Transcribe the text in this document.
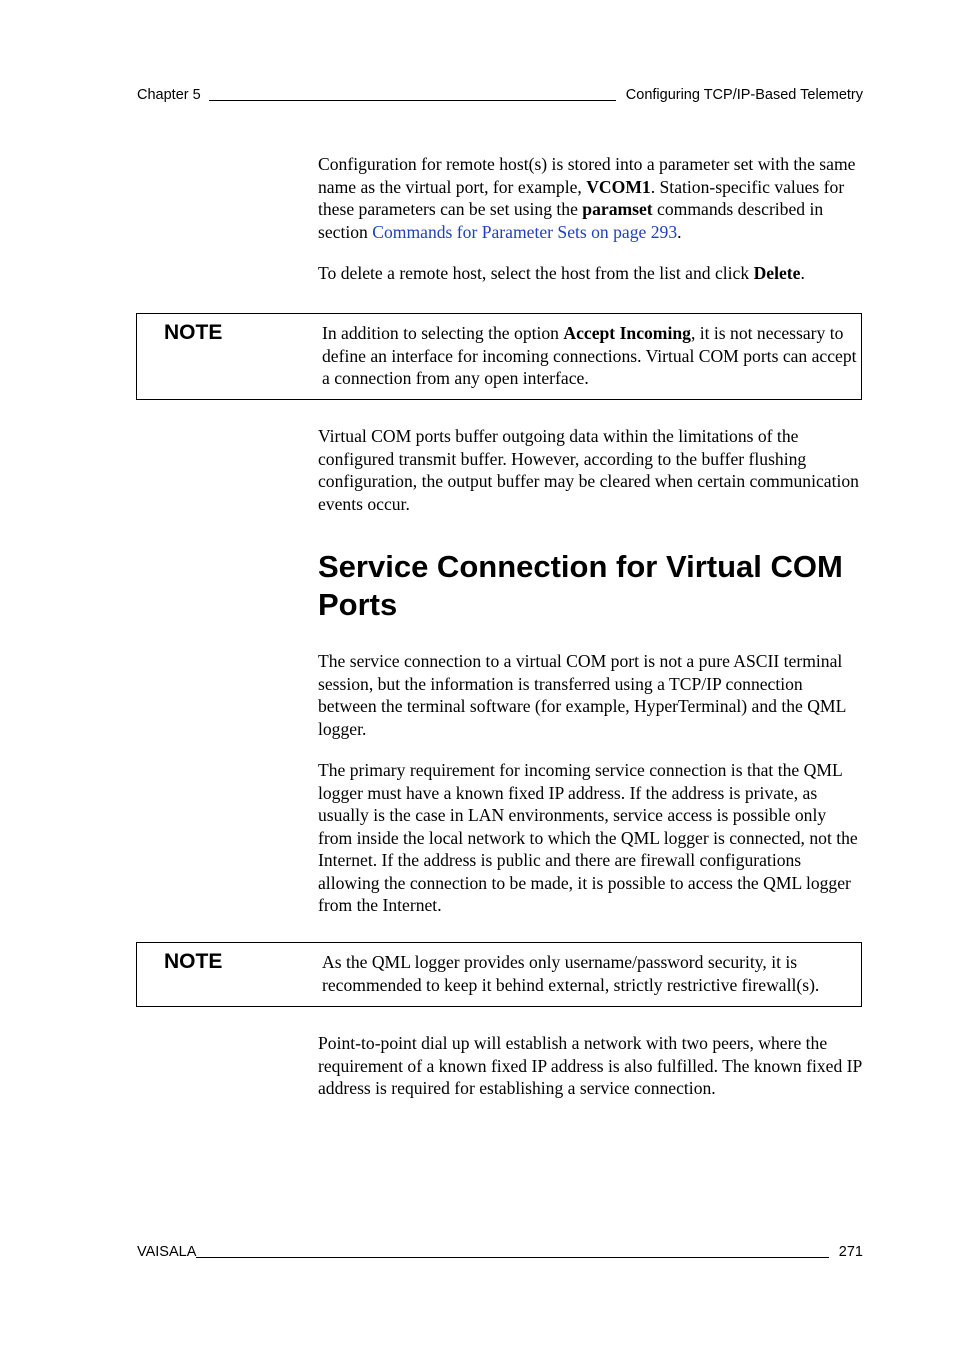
Chapter 5	Configuring TCP/IP-Based Telemetry

Configuration for remote host(s) is stored into a parameter set with the same name as the virtual port, for example, VCOM1. Station-specific values for these parameters can be set using the paramset commands described in section Commands for Parameter Sets on page 293.

To delete a remote host, select the host from the list and click Delete.

NOTE	In addition to selecting the option Accept Incoming, it is not necessary to define an interface for incoming connections. Virtual COM ports can accept a connection from any open interface.

Virtual COM ports buffer outgoing data within the limitations of the configured transmit buffer. However, according to the buffer flushing configuration, the output buffer may be cleared when certain communication events occur.

Service Connection for Virtual COM Ports

The service connection to a virtual COM port is not a pure ASCII terminal session, but the information is transferred using a TCP/IP connection between the terminal software (for example, HyperTerminal) and the QML logger.

The primary requirement for incoming service connection is that the QML logger must have a known fixed IP address. If the address is private, as usually is the case in LAN environments, service access is possible only from inside the local network to which the QML logger is connected, not the Internet. If the address is public and there are firewall configurations allowing the connection to be made, it is possible to access the QML logger from the Internet.

NOTE	As the QML logger provides only username/password security, it is recommended to keep it behind external, strictly restrictive firewall(s).

Point-to-point dial up will establish a network with two peers, where the requirement of a known fixed IP address is also fulfilled. The known fixed IP address is required for establishing a service connection.

VAISALA	271
